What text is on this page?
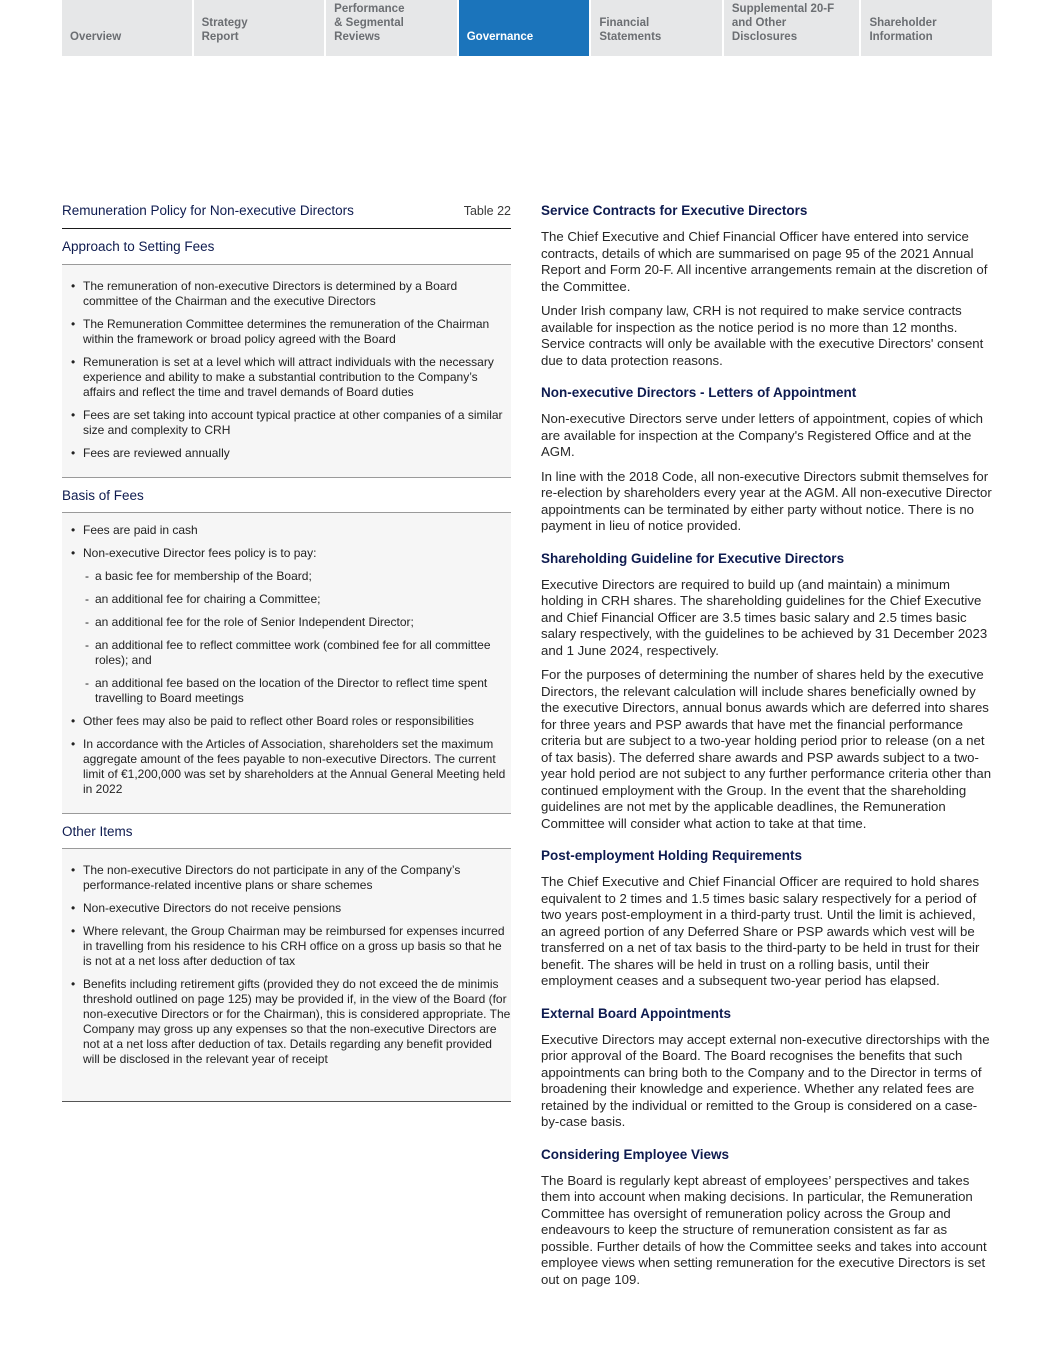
Overview
Strategy
Report
Performance
& Segmental Reviews	Governance
Financial
Statements
Supplemental 20-F
and Other Disclosures
Shareholder
Information
Remuneration Policy for Non-executive Directors	Table 22
Approach to Setting Fees
• The remuneration of non-executive Directors is determined by a Board committee of the Chairman and the executive Directors
• The Remuneration Committee determines the remuneration of the Chairman within the framework or broad policy agreed with the Board
• Remuneration is set at a level which will attract individuals with the necessary experience and ability to make a substantial contribution to the Company’s affairs and reflect the time and travel demands of Board duties
• Fees are set taking into account typical practice at other companies of a similar size and complexity to CRH
• Fees are reviewed annually
Basis of Fees
• Fees are paid in cash
• Non-executive Director fees policy is to pay:
- a basic fee for membership of the Board;
- an additional fee for chairing a Committee;
- an additional fee for the role of Senior Independent Director;
- an additional fee to reflect committee work (combined fee for all committee roles); and
- an additional fee based on the location of the Director to reflect time spent travelling to Board meetings
• Other fees may also be paid to reflect other Board roles or responsibilities
• In accordance with the Articles of Association, shareholders set the maximum aggregate amount of the fees payable to non-executive Directors. The current limit of €1,200,000 was set by shareholders at the Annual General Meeting held in 2022
Other Items
• The non-executive Directors do not participate in any of the Company’s performance-related incentive plans or share schemes
• Non-executive Directors do not receive pensions
• Where relevant, the Group Chairman may be reimbursed for expenses incurred in travelling from his residence to his CRH office on a gross up basis so that he is not at a net loss after deduction of tax
• Benefits including retirement gifts (provided they do not exceed the de minimis threshold outlined on page 125) may be provided if, in the view of the Board (for non-executive Directors or for the Chairman), this is considered appropriate. The Company may gross up any expenses so that the non-executive Directors are not at a net loss after deduction of tax. Details regarding any benefit provided will be disclosed in the relevant year of receipt
Service Contracts for Executive Directors

The Chief Executive and Chief Financial Officer have entered into service contracts, details of which are summarised on page 95 of the 2021 Annual Report and Form 20-F. All incentive arrangements remain at the discretion of the Committee.

Under Irish company law, CRH is not required to make service contracts available for inspection as the notice period is no more than 12 months. Service contracts will only be available with the executive Directors' consent due to data protection reasons.

Non-executive Directors - Letters of Appointment

Non-executive Directors serve under letters of appointment, copies of which are available for inspection at the Company's Registered Office and at the AGM.

In line with the 2018 Code, all non-executive Directors submit themselves for re-election by shareholders every year at the AGM. All non-executive Director appointments can be terminated by either party without notice. There is no payment in lieu of notice provided.

Shareholding Guideline for Executive Directors

Executive Directors are required to build up (and maintain) a minimum holding in CRH shares. The shareholding guidelines for the Chief Executive and Chief Financial Officer are 3.5 times basic salary and 2.5 times basic salary respectively, with the guidelines to be achieved by 31 December 2023 and 1 June 2024, respectively.

For the purposes of determining the number of shares held by the executive Directors, the relevant calculation will include shares beneficially owned by the executive Directors, annual bonus awards which are deferred into shares for three years and PSP awards that have met the financial performance criteria but are subject to a two-year holding period prior to release (on a net of tax basis). The deferred share awards and PSP awards subject to a two-year hold period are not subject to any further performance criteria other than continued employment with the Group. In the event that the shareholding guidelines are not met by the applicable deadlines, the Remuneration Committee will consider what action to take at that time.

Post-employment Holding Requirements

The Chief Executive and Chief Financial Officer are required to hold shares equivalent to 2 times and 1.5 times basic salary respectively for a period of two years post-employment in a third-party trust. Until the limit is achieved, an agreed portion of any Deferred Share or PSP awards which vest will be transferred on a net of tax basis to the third-party to be held in trust for their benefit. The shares will be held in trust on a rolling basis, until their employment ceases and a subsequent two-year period has elapsed.

External Board Appointments

Executive Directors may accept external non-executive directorships with the prior approval of the Board. The Board recognises the benefits that such appointments can bring both to the Company and to the Director in terms of broadening their knowledge and experience. Whether any related fees are retained by the individual or remitted to the Group is considered on a case-by-case basis.

Considering Employee Views

The Board is regularly kept abreast of employees’ perspectives and takes them into account when making decisions. In particular, the Remuneration Committee has oversight of remuneration policy across the Group and endeavours to keep the structure of remuneration consistent as far as possible. Further details of how the Committee seeks and takes into account employee views when setting remuneration for the executive Directors is set out on page 109.
